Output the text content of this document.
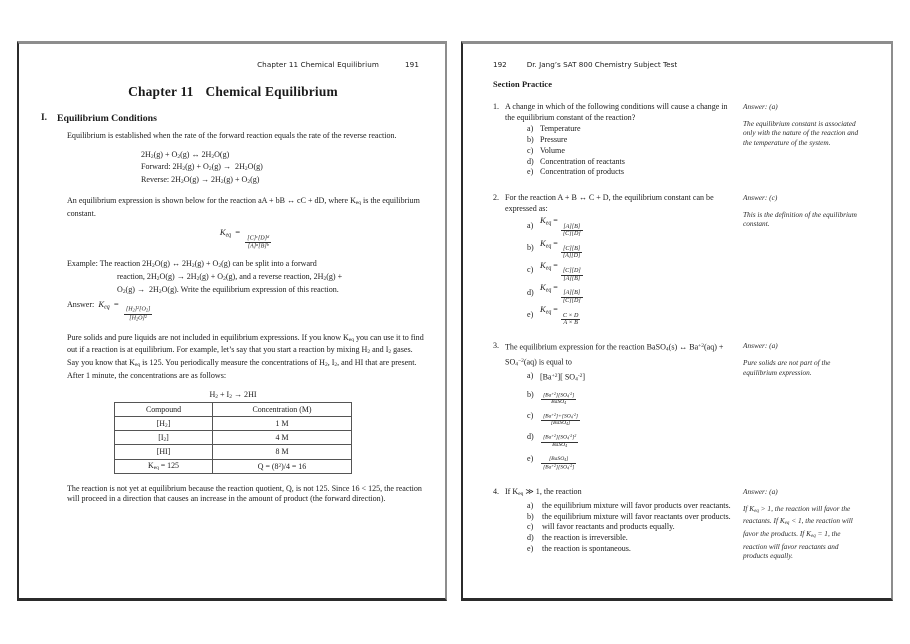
Chapter 11 Chemical Equilibrium	191
Chapter 11 Chemical Equilibrium
I.	Equilibrium Conditions

Equilibrium is established when the rate of the forward reaction equals the rate of the reverse reaction.

$2H_2(g) + O_2(g)$ ↔ $2H_2O(g)$
Forward: $2H_2(g) + O_2(g) \to 2H_2O(g)$
Reverse: $2H_2O(g) \to 2H_2(g) + O_2(g)$

An equilibrium expression is shown below for the reaction aA + bB ↔ cC + dD, where $K_{eq}$ is the equilibrium constant.

$K_{eq}$  =
$\frac{[C]^c[D]^d}{[A]^a[B]^b}$
Example: The reaction $2H_2O(g)$ ↔ $2H_2(g) + O_2(g)$ can be split into a forward
reaction, $2H_2O(g) \to 2H_2(g) + O_2(g)$, and a reverse reaction, $2H_2(g)$ +
$O_2(g) \to 2H_2O(g)$. Write the equilibrium expression of this reaction.
Answer:  $K_{eq}$  =
$\frac{[H_2]^2[O_2]}{[H_2O]^2}$

Pure solids and pure liquids are not included in equilibrium expressions. If you know $K_{eq}$ you can use it to find out if a reaction is at equilibrium. For example, let’s say that you start a reaction by mixing $H_2$ and $I_2$ gases.  Say you know that $K_{eq}$ is 125. You periodically measure the concentrations of $H_2$, $I_2$, and HI that are present. After 1 minute, the concentrations are as follows:

$H_2 + I_2 \to 2HI$
Compound	Concentration (M)
$[H_2]$	1 M
$[I_2]$	4 M
[HI]	8 M
$K_{eq} = 125$	$Q = (8^2)/4 = 16$

The reaction is not yet at equilibrium because the reaction quotient, Q, is not 125. Since 16 < 125, the reaction will proceed in a direction that causes an increase in the amount of product (the forward direction).

192	Dr. Jang’s SAT 800 Chemistry Subject Test
Section Practice
1. A change in which of the following conditions will cause a change in the equilibrium constant of the reaction?
a) Temperature
b) Pressure
c) Volume
d) Concentration of reactants
e) Concentration of products
Answer: (a)
The equilibrium constant is associated only with the nature of the reaction and the temperature of the system.
2. For the reaction A + B ↔ C + D, the equilibrium constant can be expressed as:
a)
$K_{eq}$ =
$\frac{[A][B]}{[C][D]}$
b)
$K_{eq}$ =
$\frac{[C][B]}{[A][D]}$
c)
$K_{eq}$ =
$\frac{[C][D]}{[A][B]}$
d)
$K_{eq}$ =
$\frac{[A][B]}{[C][D]}$
e)
$K_{eq}$ =
$\frac{C \times D}{A \times B}$
Answer: (c)
This is the definition of the equilibrium constant.
3. The equilibrium expression for the reaction BaSO$_4$(s) ↔ $Ba^{+2}(aq) + SO_4^{-2}(aq)$ is equal to
a) $[Ba^{+2}]$[ $SO_4^{-2}$]
b)	$\frac{[Ba^{+2}][SO_4^{-2}]}{BaSO_4}$
c)	$\frac{[Ba^{+2}]+[SO_4^{-2}]}{[BaSO_4]}$
d)	$\frac{[Ba^{+2}][SO_4^{-2}]^2}{BaSO_4}$
e)	$\frac{[BaSO_4]}{[Ba^{+2}][SO_4^{-2}]}$
Answer: (a)
Pure solids are not part of the equilibrium expression.
4. If $K_{eq}$ ≫ 1, the reaction
a)	the equilibrium mixture will favor products over reactants.
b)	the equilibrium mixture will favor reactants over products.
c)	will favor reactants and products equally.
d)	the reaction is irreversible.
e)	the reaction is spontaneous.
Answer: (a)
If $K_{eq} > 1$, the reaction will favor the reactants. If $K_{eq} < 1$, the reaction will favor the products. If $K_{eq} = 1$, the reaction will favor reactants and products equally.
